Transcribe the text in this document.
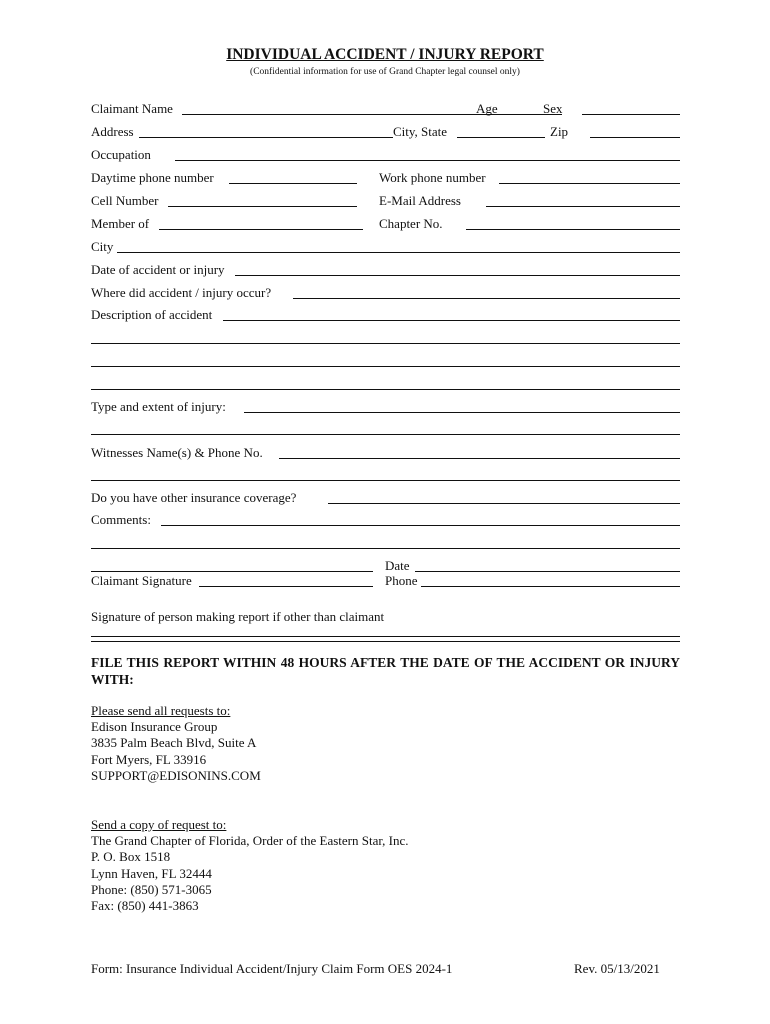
INDIVIDUAL ACCIDENT / INJURY REPORT
(Confidential information for use of Grand Chapter legal counsel only)
Claimant Name	Age	Sex
Address	City, State	Zip
Occupation
Daytime phone number	Work phone number
Cell Number	E-Mail Address
Member of	Chapter No.
City
Date of accident or injury
Where did accident / injury occur?
Description of accident
Type and extent of injury:
Witnesses Name(s) & Phone No.
Do you have other insurance coverage?
Comments:
Date
Claimant Signature	Phone
Signature of person making report if other than claimant
FILE THIS REPORT WITHIN 48 HOURS AFTER THE DATE OF THE ACCIDENT OR INJURY WITH:
Please send all requests to:
Edison Insurance Group
3835 Palm Beach Blvd, Suite A
Fort Myers, FL 33916
SUPPORT@EDISONINS.COM
Send a copy of request to:
The Grand Chapter of Florida, Order of the Eastern Star, Inc.
P. O. Box 1518
Lynn Haven, FL 32444
Phone: (850) 571-3065
Fax: (850) 441-3863
Form: Insurance Individual Accident/Injury Claim Form OES 2024-1	Rev. 05/13/2021
